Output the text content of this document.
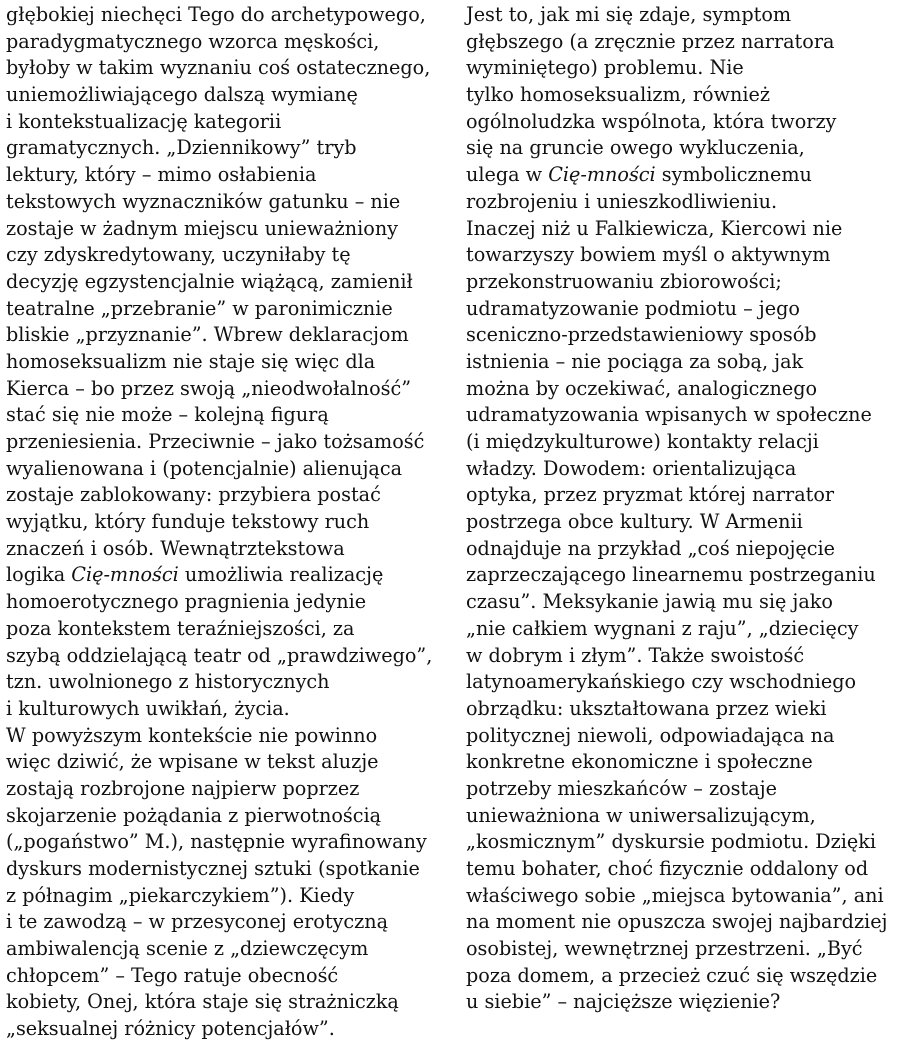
głębokiej niechęci Tego do archetypowego,
paradygmatycznego wzorca męskości,
byłoby w takim wyznaniu coś ostatecznego,
uniemożliwiającego dalszą wymianę
i kontekstualizację kategorii
gramatycznych. „Dziennikowy” tryb
lektury, który – mimo osłabienia
tekstowych wyznaczników gatunku – nie
zostaje w żadnym miejscu unieważniony
czy zdyskredytowany, uczyniłaby tę
decyzję egzystencjalnie wiążącą, zamienił
teatralne „przebranie” w paronimicznie
bliskie „przyznanie”. Wbrew deklaracjom
homoseksualizm nie staje się więc dla
Kierca – bo przez swoją „nieodwołalność”
stać się nie może – kolejną figurą
przeniesienia. Przeciwnie – jako tożsamość
wyalienowana i (potencjalnie) alienująca
zostaje zablokowany: przybiera postać
wyjątku, który funduje tekstowy ruch
znaczeń i osób. Wewnątrztekstowa
logika Cię-mności umożliwia realizację
homoerotycznego pragnienia jedynie
poza kontekstem teraźniejszości, za
szybą oddzielającą teatr od „prawdziwego”,
tzn. uwolnionego z historycznych
i kulturowych uwikłań, życia.
W powyższym kontekście nie powinno
więc dziwić, że wpisane w tekst aluzje
zostają rozbrojone najpierw poprzez
skojarzenie pożądania z pierwotnością
(„pogaństwo” M.), następnie wyrafinowany
dyskurs modernistycznej sztuki (spotkanie
z półnagim „piekarczykiem”). Kiedy
i te zawodzą – w przesyconej erotyczną
ambiwalencją scenie z „dziewczęcym
chłopcem” – Tego ratuje obecność
kobiety, Onej, która staje się strażniczką
„seksualnej różnicy potencjałów”.
Jest to, jak mi się zdaje, symptom
głębszego (a zręcznie przez narratora
wyminiętego) problemu. Nie
tylko homoseksualizm, również
ogólnoludzka wspólnota, która tworzy
się na gruncie owego wykluczenia,
ulega w Cię-mności symbolicznemu
rozbrojeniu i unieszkodliwieniu.
Inaczej niż u Falkiewicza, Kiercowi nie
towarzyszy bowiem myśl o aktywnym
przekonstruowaniu zbiorowości;
udramatyzowanie podmiotu – jego
sceniczno-przedstawieniowy sposób
istnienia – nie pociąga za sobą, jak
można by oczekiwać, analogicznego
udramatyzowania wpisanych w społeczne
(i międzykulturowe) kontakty relacji
władzy. Dowodem: orientalizująca
optyka, przez pryzmat której narrator
postrzega obce kultury. W Armenii
odnajduje na przykład „coś niepojęcie
zaprzeczającego linearnemu postrzeganiu
czasu”. Meksykanie jawią mu się jako
„nie całkiem wygnani z raju”, „dziecięcy
w dobrym i złym”. Także swoistość
latynoamerykańskiego czy wschodniego
obrządku: ukształtowana przez wieki
politycznej niewoli, odpowiadająca na
konkretne ekonomiczne i społeczne
potrzeby mieszkańców – zostaje
unieważniona w uniwersalizującym,
„kosmicznym” dyskursie podmiotu. Dzięki
temu bohater, choć fizycznie oddalony od
właściwego sobie „miejsca bytowania”, ani
na moment nie opuszcza swojej najbardziej
osobistej, wewnętrznej przestrzeni. „Być
poza domem, a przecież czuć się wszędzie
u siebie” – najcięższe więzienie?
